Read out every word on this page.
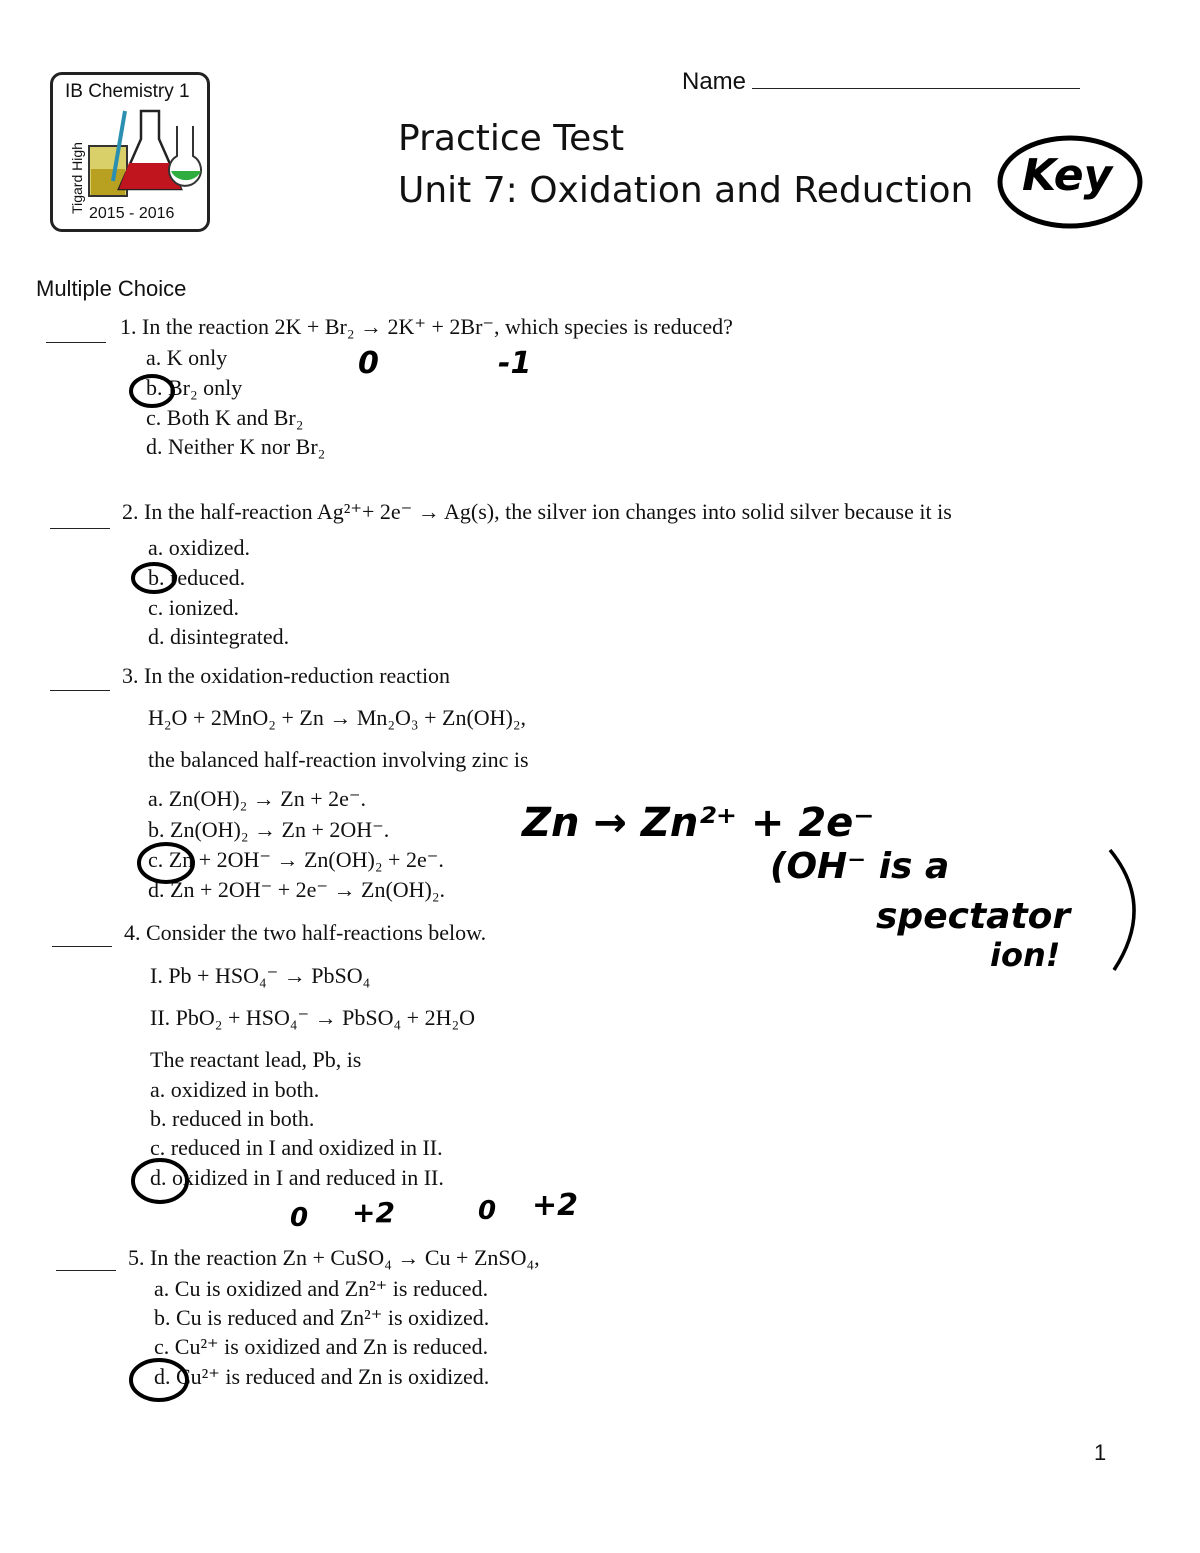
IB Chemistry 1
Tigard High 2015 - 2016
Name
Practice Test
Unit 7: Oxidation and Reduction Key
Multiple Choice
1. In the reaction 2K + Br₂ → 2K⁺ + 2Br⁻, which species is reduced?
a. K only
b. Br₂ only
c. Both K and Br₂
d. Neither K nor Br₂
0	-1
2. In the half-reaction Ag²⁺+ 2e⁻ → Ag(s), the silver ion changes into solid silver because it is
a. oxidized.
b. reduced.
c. ionized.
d. disintegrated.
3. In the oxidation-reduction reaction
H₂O + 2MnO₂ + Zn → Mn₂O₃ + Zn(OH)₂,
the balanced half-reaction involving zinc is
a. Zn(OH)₂ → Zn + 2e⁻.
b. Zn(OH)₂ → Zn + 2OH⁻.
c. Zn + 2OH⁻ → Zn(OH)₂ + 2e⁻.
d. Zn + 2OH⁻ + 2e⁻ → Zn(OH)₂.
Zn → Zn²⁺ + 2e⁻
(OH⁻ is a
spectator
ion!
4. Consider the two half-reactions below.
I. Pb + HSO₄⁻ → PbSO₄
II. PbO₂ + HSO₄⁻ → PbSO₄ + 2H₂O
The reactant lead, Pb, is
a. oxidized in both.
b. reduced in both.
c. reduced in I and oxidized in II.
d. oxidized in I and reduced in II.
5. In the reaction Zn + CuSO₄ → Cu + ZnSO₄,
a. Cu is oxidized and Zn²⁺ is reduced.
b. Cu is reduced and Zn²⁺ is oxidized.
c. Cu²⁺ is oxidized and Zn is reduced.
d. Cu²⁺ is reduced and Zn is oxidized.
0 +2	0 +2
1
